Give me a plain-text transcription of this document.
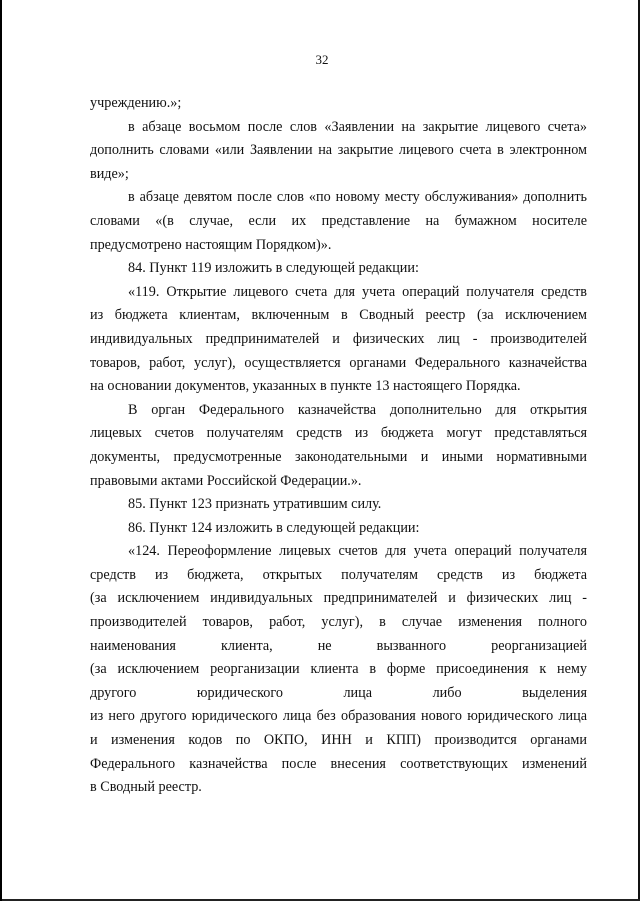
32
учреждению.»;
в абзаце восьмом после слов «Заявлении на закрытие лицевого счета»
дополнить словами «или Заявлении на закрытие лицевого счета в электронном
виде»;
в абзаце девятом после слов «по новому месту обслуживания» дополнить
словами «(в случае, если их представление на бумажном носителе
предусмотрено настоящим Порядком)».
84. Пункт 119 изложить в следующей редакции:
«119. Открытие лицевого счета для учета операций получателя средств
из бюджета клиентам, включенным в Сводный реестр (за исключением
индивидуальных предпринимателей и физических лиц - производителей
товаров, работ, услуг), осуществляется органами Федерального казначейства
на основании документов, указанных в пункте 13 настоящего Порядка.
В орган Федерального казначейства дополнительно для открытия
лицевых счетов получателям средств из бюджета могут представляться
документы, предусмотренные законодательными и иными нормативными
правовыми актами Российской Федерации.».
85. Пункт 123 признать утратившим силу.
86. Пункт 124 изложить в следующей редакции:
«124. Переоформление лицевых счетов для учета операций получателя
средств из бюджета, открытых получателям средств из бюджета
(за исключением индивидуальных предпринимателей и физических лиц -
производителей товаров, работ, услуг), в случае изменения полного
наименования клиента, не вызванного реорганизацией
(за исключением реорганизации клиента в форме присоединения к нему
другого юридического лица либо выделения
из него другого юридического лица без образования нового юридического лица
и изменения кодов по ОКПО, ИНН и КПП) производится органами
Федерального казначейства после внесения соответствующих изменений
в Сводный реестр.
